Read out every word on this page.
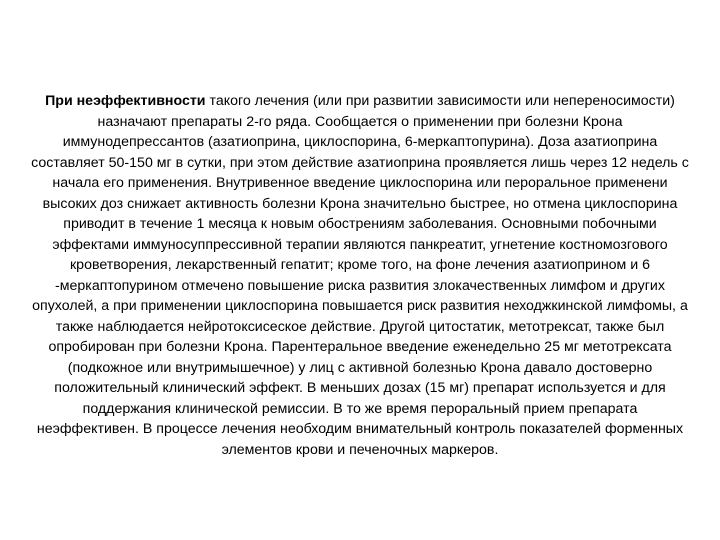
При неэффективности такого лечения (или при развитии зависимости или непереносимости) назначают препараты 2-го ряда. Сообщается о применении при болезни Крона иммунодепрессантов (азатиоприна, циклоспорина, 6-меркаптопурина). Доза азатиоприна составляет 50-150 мг в сутки, при этом действие азатиоприна проявляется лишь через 12 недель с начала его применения. Внутривенное введение циклоспорина или пероральное применени высоких доз снижает активность болезни Крона значительно быстрее, но отмена циклоспорина приводит в течение 1 месяца к новым обострениям заболевания. Основными побочными эффектами иммуносуппрессивной терапии являются панкреатит, угнетение костномозгового кроветворения, лекарственный гепатит; кроме того, на фоне лечения азатиоприном и 6 -меркаптопурином отмечено повышение риска развития злокачественных лимфом и других опухолей, а при применении циклоспорина повышается риск развития неходжкинской лимфомы, а также наблюдается нейротоксисecкое действие. Другой цитостатик, метотрексат, также был опробирован при болезни Крона. Парентеральное введение еженедельно 25 мг метотрексата (подкожное или внутримышечное) у лиц с активной болезнью Крона давало достоверно положительный клинический эффект. В меньших дозах (15 мг) препарат используется и для поддержания клинической ремиссии. В то же время пероральный прием препарата неэффективен. В процессе лечения необходим внимательный контроль показателей форменных элементов крови и печеночных маркеров.
